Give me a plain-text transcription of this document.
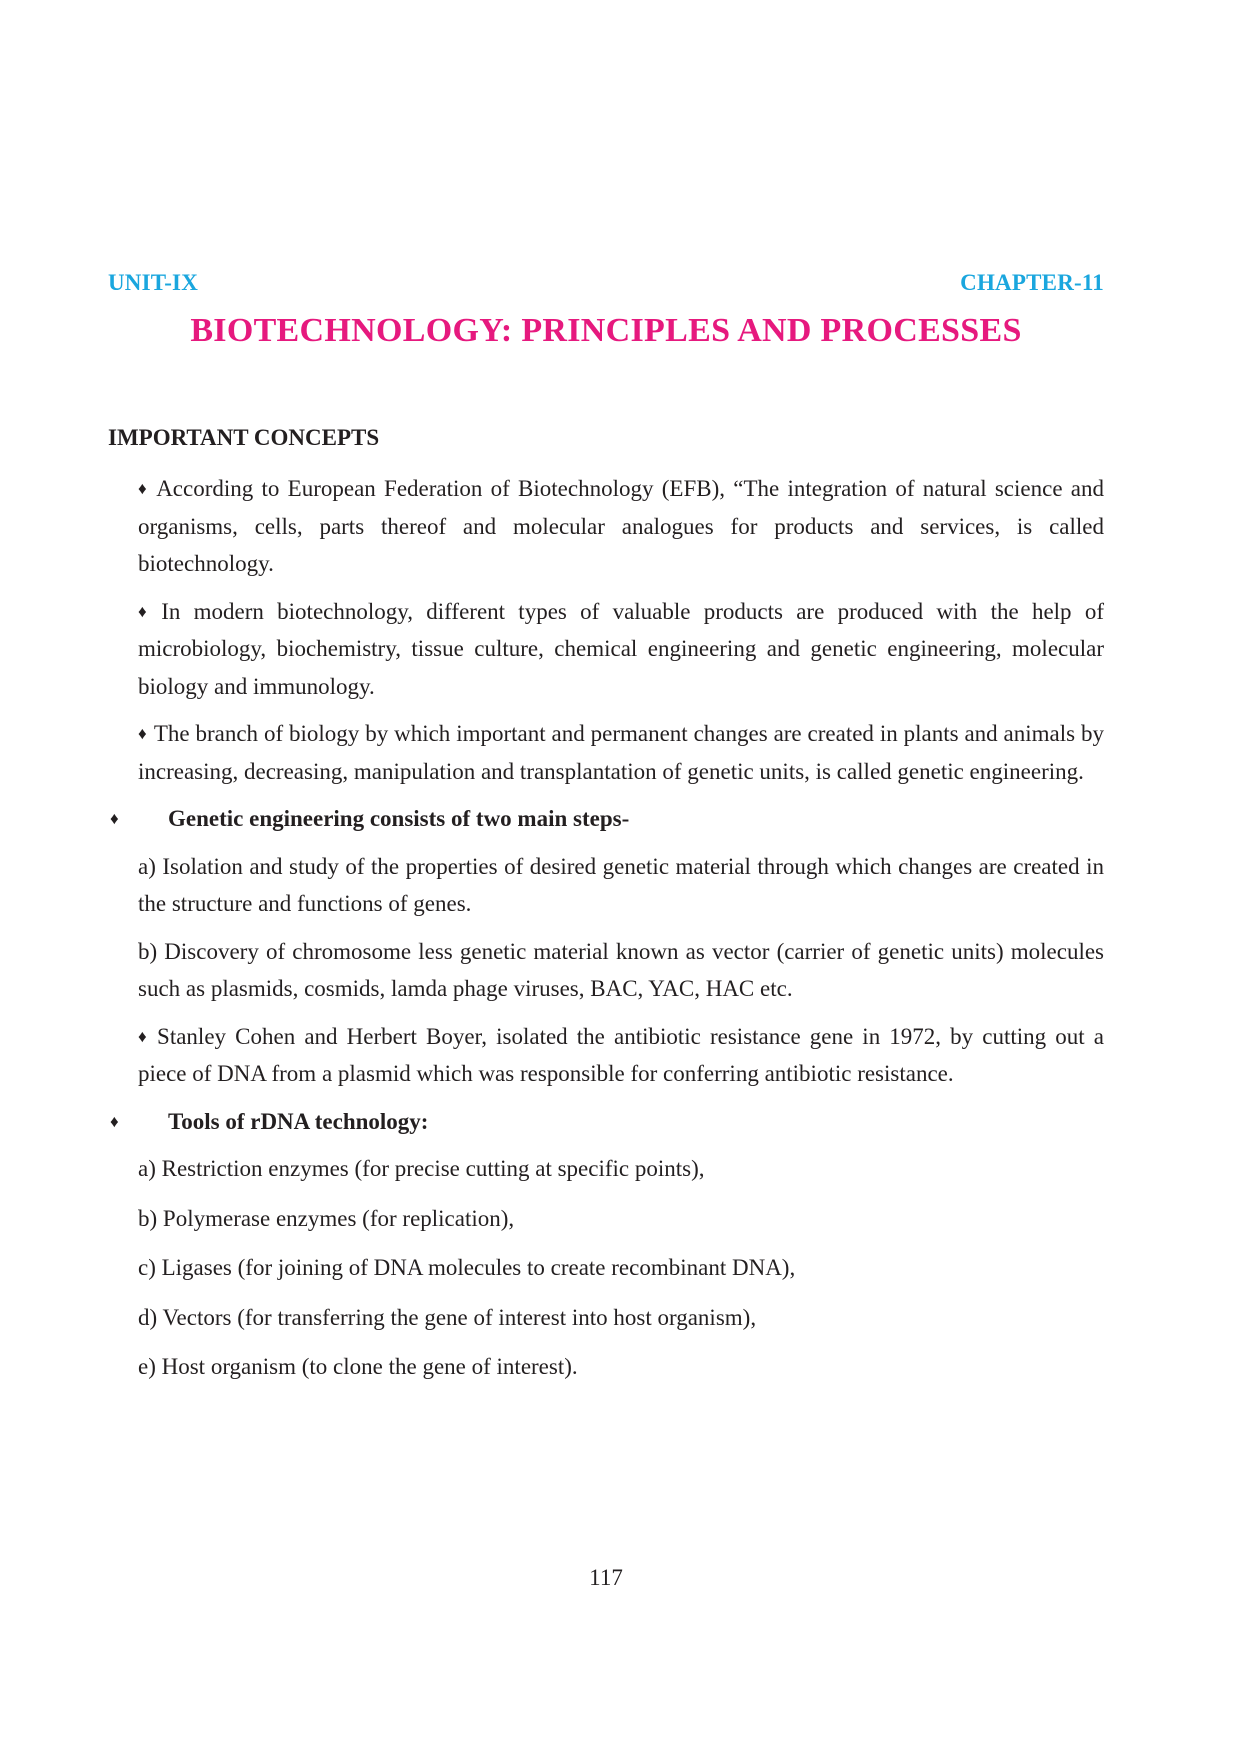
UNIT-IX	CHAPTER-11
BIOTECHNOLOGY: PRINCIPLES AND PROCESSES
IMPORTANT CONCEPTS

♦ According to European Federation of Biotechnology (EFB), “The integration of natural science and organisms, cells, parts thereof and molecular analogues for products and services, is called biotechnology.

♦ In modern biotechnology, different types of valuable products are produced with the help of microbiology, biochemistry, tissue culture, chemical engineering and genetic engineering, molecular biology and immunology.

♦ The branch of biology by which important and permanent changes are created in plants and animals by increasing, decreasing, manipulation and transplantation of genetic units, is called genetic engineering.

♦ Genetic engineering consists of two main steps-

a) Isolation and study of the properties of desired genetic material through which changes are created in the structure and functions of genes.

b) Discovery of chromosome less genetic material known as vector (carrier of genetic units) molecules such as plasmids, cosmids, lamda phage viruses, BAC, YAC, HAC etc.

♦ Stanley Cohen and Herbert Boyer, isolated the antibiotic resistance gene in 1972, by cutting out a piece of DNA from a plasmid which was responsible for conferring antibiotic resistance.

♦ Tools of rDNA technology:

a) Restriction enzymes (for precise cutting at specific points),

b) Polymerase enzymes (for replication),

c) Ligases (for joining of DNA molecules to create recombinant DNA),

d) Vectors (for transferring the gene of interest into host organism),

e) Host organism (to clone the gene of interest).

117
